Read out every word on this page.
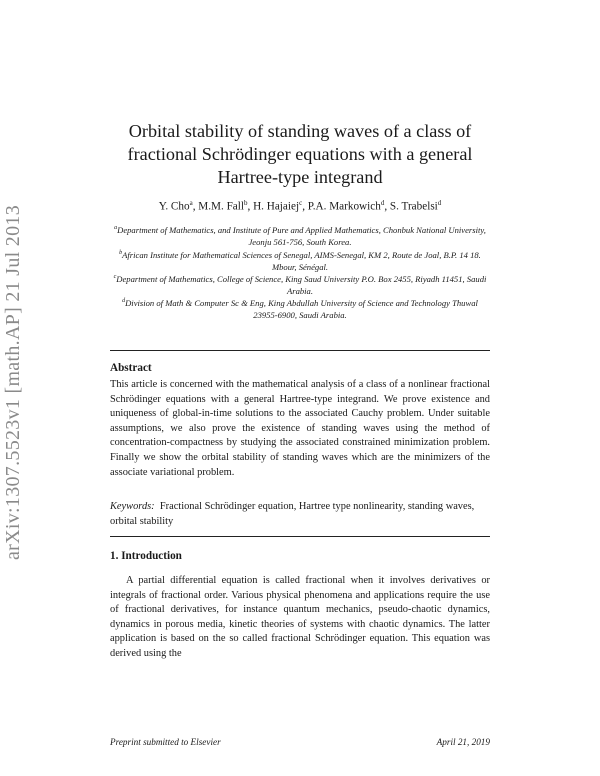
arXiv:1307.5523v1 [math.AP] 21 Jul 2013
Orbital stability of standing waves of a class of fractional Schrödinger equations with a general Hartree-type integrand
Y. Cho$^a$, M.M. Fall$^b$, H. Hajaiej$^c$, P.A. Markowich$^d$, S. Trabelsi$^d$
$^a$Department of Mathematics, and Institute of Pure and Applied Mathematics, Chonbuk National University, Jeonju 561-756, South Korea.
$^b$African Institute for Mathematical Sciences of Senegal, AIMS-Senegal, KM 2, Route de Joal, B.P. 14 18. Mbour, Sénégal.
$^c$Department of Mathematics, College of Science, King Saud University P.O. Box 2455, Riyadh 11451, Saudi Arabia.
$^d$Division of Math & Computer Sc & Eng, King Abdullah University of Science and Technology Thuwal 23955-6900, Saudi Arabia.
Abstract
This article is concerned with the mathematical analysis of a class of a nonlinear fractional Schrödinger equations with a general Hartree-type integrand. We prove existence and uniqueness of global-in-time solutions to the associated Cauchy problem. Under suitable assumptions, we also prove the existence of standing waves using the method of concentration-compactness by studying the associated constrained minimization problem. Finally we show the orbital stability of standing waves which are the minimizers of the associate variational problem.
Keywords: Fractional Schrödinger equation, Hartree type nonlinearity, standing waves, orbital stability
1. Introduction
A partial differential equation is called fractional when it involves derivatives or integrals of fractional order. Various physical phenomena and applications require the use of fractional derivatives, for instance quantum mechanics, pseudo-chaotic dynamics, dynamics in porous media, kinetic theories of systems with chaotic dynamics. The latter application is based on the so called fractional Schrödinger equation. This equation was derived using the
Preprint submitted to Elsevier	April 21, 2019
